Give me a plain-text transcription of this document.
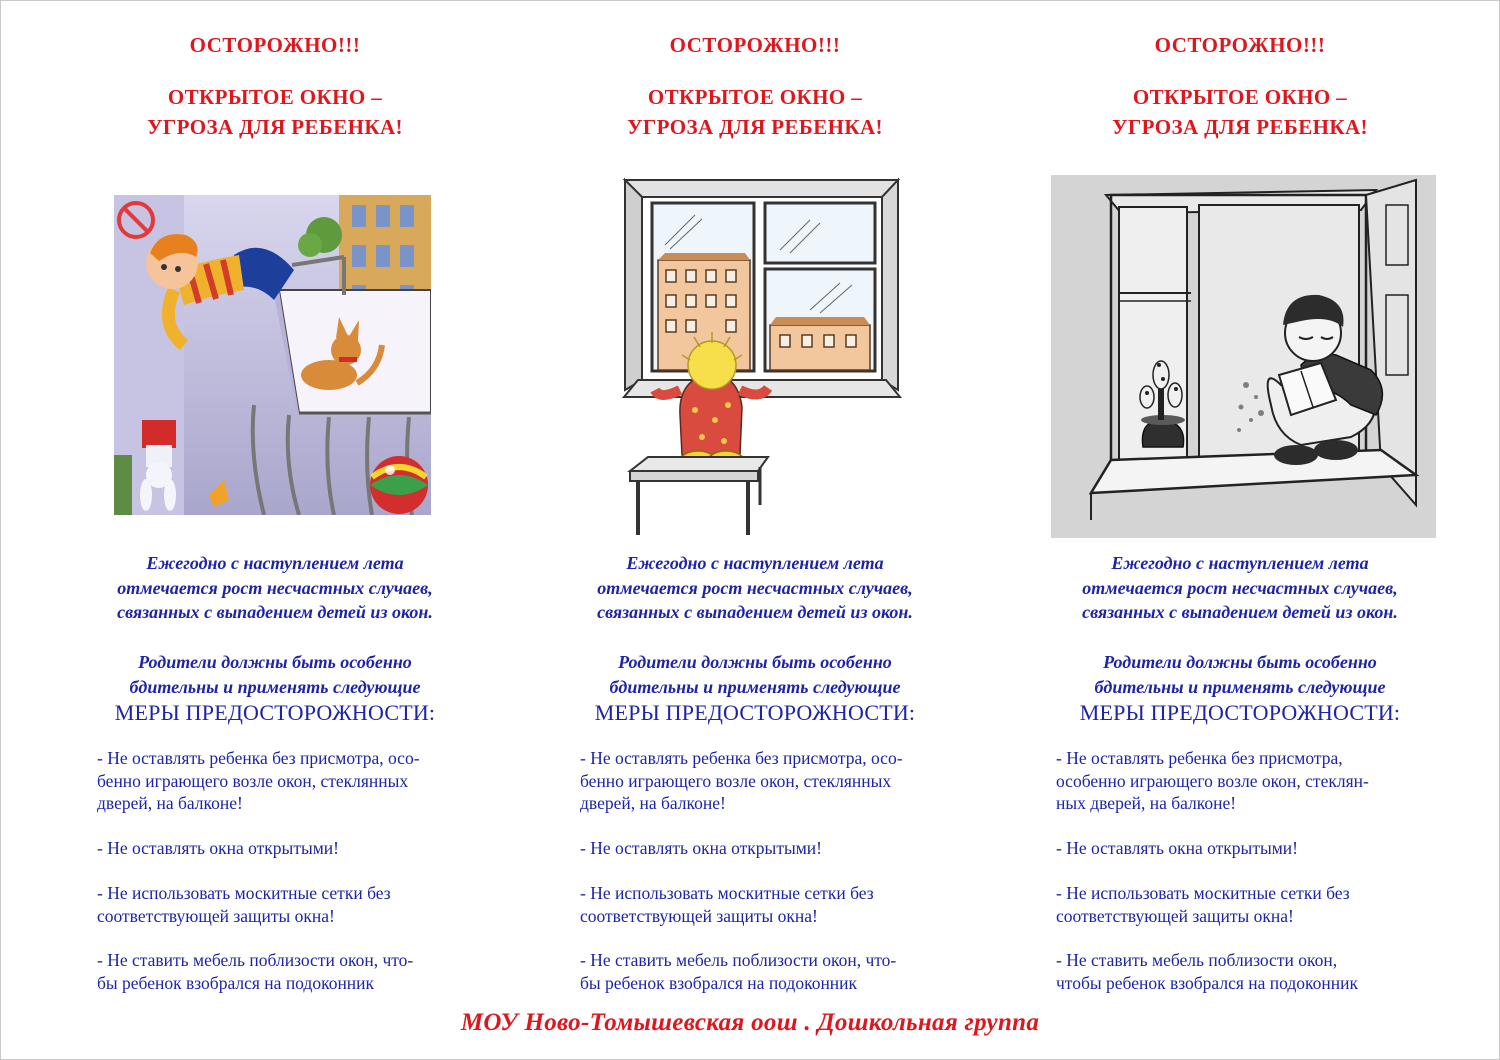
ОСТОРОЖНО!!!
ОТКРЫТОЕ ОКНО –
УГРОЗА ДЛЯ РЕБЕНКА!
Ежегодно с наступлением лета
отмечается рост несчастных случаев,
связанных с выпадением детей из окон.
Родители должны быть особенно
бдительны и применять следующие
МЕРЫ ПРЕДОСТОРОЖНОСТИ:
- Не оставлять ребенка без присмотра, осо-
бенно играющего возле окон, стеклянных
дверей, на балконе!
- Не оставлять окна открытыми!
- Не использовать москитные сетки без
соответствующей защиты окна!
- Не ставить мебель поблизости окон, что-
бы ребенок взобрался на подоконник
ОСТОРОЖНО!!!
ОТКРЫТОЕ ОКНО –
УГРОЗА ДЛЯ РЕБЕНКА!
Ежегодно с наступлением лета
отмечается рост несчастных случаев,
связанных с выпадением детей из окон.
Родители должны быть особенно
бдительны и применять следующие
МЕРЫ ПРЕДОСТОРОЖНОСТИ:
- Не оставлять ребенка без присмотра, осо-
бенно играющего возле окон, стеклянных
дверей, на балконе!
- Не оставлять окна открытыми!
- Не использовать москитные сетки без
соответствующей защиты окна!
- Не ставить мебель поблизости окон, что-
бы ребенок взобрался на подоконник
ОСТОРОЖНО!!!
ОТКРЫТОЕ ОКНО –
УГРОЗА ДЛЯ РЕБЕНКА!
Ежегодно с наступлением лета
отмечается рост несчастных случаев,
связанных с выпадением детей из окон.
Родители должны быть особенно
бдительны и применять следующие
МЕРЫ ПРЕДОСТОРОЖНОСТИ:
- Не оставлять ребенка без присмотра,
особенно играющего возле окон, стеклян-
ных дверей, на балконе!
- Не оставлять окна открытыми!
- Не использовать москитные сетки без
соответствующей защиты окна!
- Не ставить мебель поблизости окон,
чтобы ребенок взобрался на подоконник
МОУ Ново-Томышевская оош . Дошкольная группа
